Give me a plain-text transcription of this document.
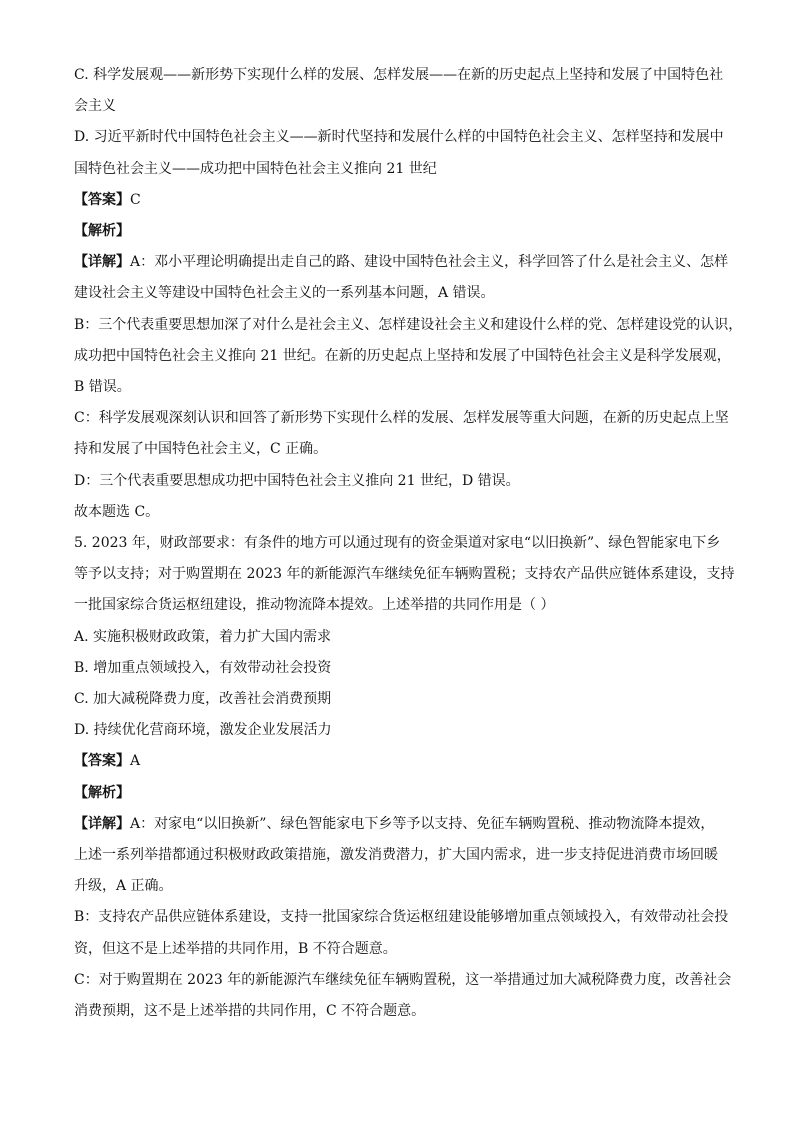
C. 科学发展观——新形势下实现什么样的发展、怎样发展——在新的历史起点上坚持和发展了中国特色社
会主义
D. 习近平新时代中国特色社会主义——新时代坚持和发展什么样的中国特色社会主义、怎样坚持和发展中
国特色社会主义——成功把中国特色社会主义推向 21 世纪
【答案】C
【解析】
【详解】A：邓小平理论明确提出走自己的路、建设中国特色社会主义，科学回答了什么是社会主义、怎样
建设社会主义等建设中国特色社会主义的一系列基本问题，A 错误。
B：三个代表重要思想加深了对什么是社会主义、怎样建设社会主义和建设什么样的党、怎样建设党的认识，
成功把中国特色社会主义推向 21 世纪。在新的历史起点上坚持和发展了中国特色社会主义是科学发展观，
B 错误。
C：科学发展观深刻认识和回答了新形势下实现什么样的发展、怎样发展等重大问题，在新的历史起点上坚
持和发展了中国特色社会主义，C 正确。
D：三个代表重要思想成功把中国特色社会主义推向 21 世纪，D 错误。
故本题选 C。
5. 2023 年，财政部要求：有条件的地方可以通过现有的资金渠道对家电“以旧换新”、绿色智能家电下乡
等予以支持；对于购置期在 2023 年的新能源汽车继续免征车辆购置税；支持农产品供应链体系建设，支持
一批国家综合货运枢纽建设，推动物流降本提效。上述举措的共同作用是（ ）
A. 实施积极财政政策，着力扩大国内需求
B. 增加重点领域投入，有效带动社会投资
C. 加大减税降费力度，改善社会消费预期
D. 持续优化营商环境，激发企业发展活力
【答案】A
【解析】
【详解】A：对家电“以旧换新”、绿色智能家电下乡等予以支持、免征车辆购置税、推动物流降本提效，
上述一系列举措都通过积极财政政策措施，激发消费潜力，扩大国内需求，进一步支持促进消费市场回暖
升级，A 正确。
B：支持农产品供应链体系建设，支持一批国家综合货运枢纽建设能够增加重点领域投入，有效带动社会投
资，但这不是上述举措的共同作用，B 不符合题意。
C：对于购置期在 2023 年的新能源汽车继续免征车辆购置税，这一举措通过加大减税降费力度，改善社会
消费预期，这不是上述举措的共同作用，C 不符合题意。
